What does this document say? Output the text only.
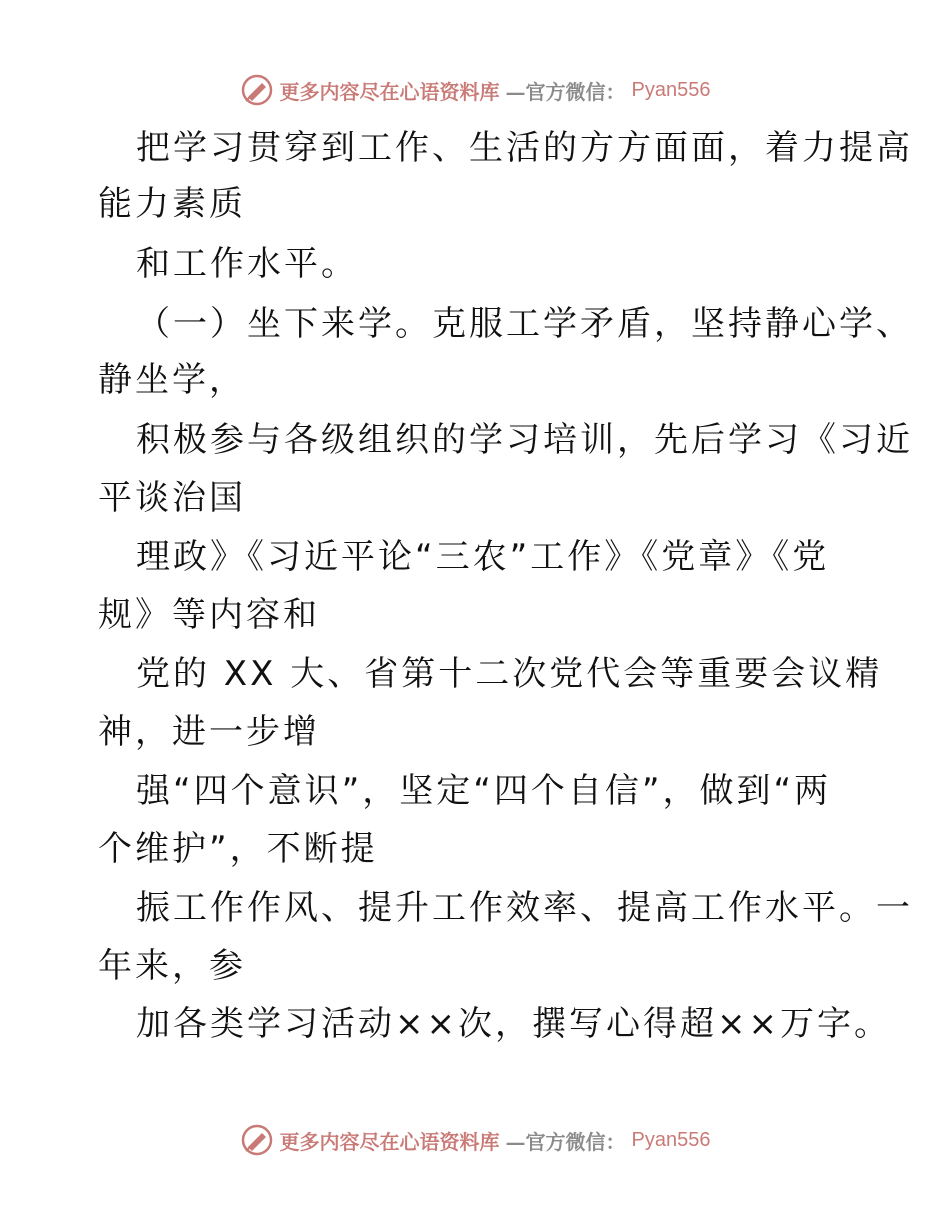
更多内容尽在心语资料库 —官方微信： Pyan556
把学习贯穿到工作、生活的方方面面，着力提高
能力素质
和工作水平。
（一）坐下来学。克服工学矛盾，坚持静心学、
静坐学，
积极参与各级组织的学习培训，先后学习《习近
平谈治国
理政》《习近平论“三农”工作》《党章》《党
规》等内容和
党的 XX 大、省第十二次党代会等重要会议精
神，进一步增
强“四个意识”，坚定“四个自信”，做到“两
个维护”，不断提
振工作作风、提升工作效率、提高工作水平。一
年来，参
加各类学习活动××次，撰写心得超××万字。
更多内容尽在心语资料库 —官方微信： Pyan556
